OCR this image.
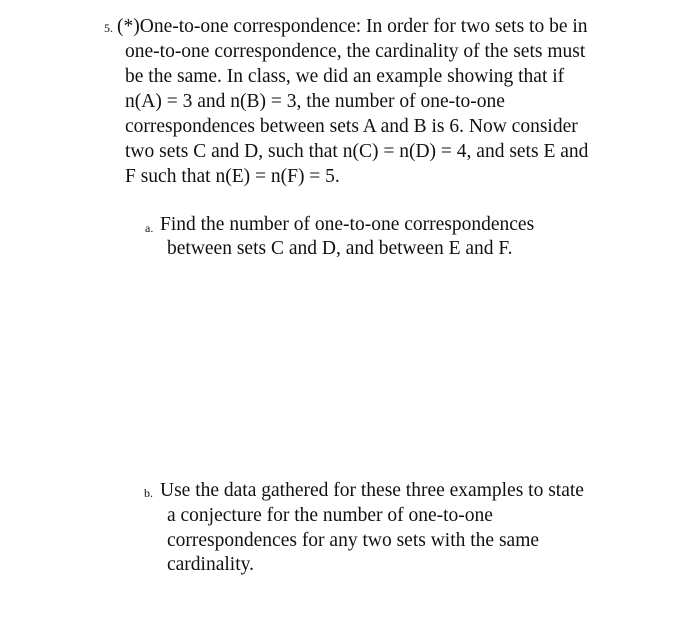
5. (*)One-to-one correspondence: In order for two sets to be in
one-to-one correspondence, the cardinality of the sets must
be the same. In class, we did an example showing that if
n(A) = 3 and n(B) = 3, the number of one-to-one
correspondences between sets A and B is 6. Now consider
two sets C and D, such that n(C) = n(D) = 4, and sets E and
F such that n(E) = n(F) = 5.
a. Find the number of one-to-one correspondences
between sets C and D, and between E and F.
b. Use the data gathered for these three examples to state
a conjecture for the number of one-to-one
correspondences for any two sets with the same
cardinality.
